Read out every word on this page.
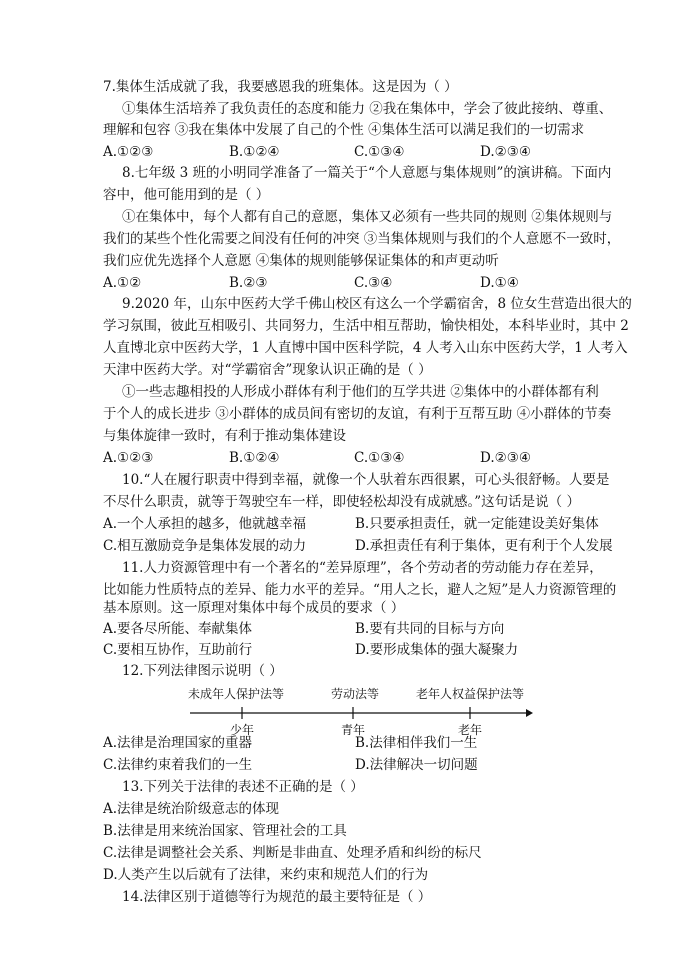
7.集体生活成就了我，我要感恩我的班集体。这是因为（ ）
①集体生活培养了我负责任的态度和能力 ②我在集体中，学会了彼此接纳、尊重、
理解和包容 ③我在集体中发展了自己的个性 ④集体生活可以满足我们的一切需求
A.①②③	B.①②④	C.①③④	D.②③④
8.七年级 3 班的小明同学准备了一篇关于“个人意愿与集体规则”的演讲稿。下面内
容中，他可能用到的是（ ）
①在集体中，每个人都有自己的意愿，集体又必须有一些共同的规则 ②集体规则与
我们的某些个性化需要之间没有任何的冲突 ③当集体规则与我们的个人意愿不一致时，
我们应优先选择个人意愿 ④集体的规则能够保证集体的和声更动听
A.①②	B.②③	C.③④	D.①④
9.2020 年，山东中医药大学千佛山校区有这么一个学霸宿舍，8 位女生营造出很大的
学习氛围，彼此互相吸引、共同努力，生活中相互帮助，愉快相处，本科毕业时，其中 2
人直博北京中医药大学，1 人直博中国中医科学院，4 人考入山东中医药大学，1 人考入
天津中医药大学。对“学霸宿舍”现象认识正确的是（ ）
①一些志趣相投的人形成小群体有利于他们的互学共进 ②集体中的小群体都有利
于个人的成长进步 ③小群体的成员间有密切的友谊，有利于互帮互助 ④小群体的节奏
与集体旋律一致时，有利于推动集体建设
A.①②③	B.①②④	C.①③④	D.②③④
10.“人在履行职责中得到幸福，就像一个人驮着东西很累，可心头很舒畅。人要是
不尽什么职责，就等于驾驶空车一样，即使轻松却没有成就感。”这句话是说（ ）
A.一个人承担的越多，他就越幸福	B.只要承担责任，就一定能建设美好集体
C.相互激励竞争是集体发展的动力	D.承担责任有利于集体，更有利于个人发展
11.人力资源管理中有一个著名的“差异原理”，各个劳动者的劳动能力存在差异，
比如能力性质特点的差异、能力水平的差异。“用人之长，避人之短”是人力资源管理的
基本原则。这一原理对集体中每个成员的要求（ ）
A.要各尽所能、奉献集体	B.要有共同的目标与方向
C.要相互协作，互助前行	D.要形成集体的强大凝聚力
12.下列法律图示说明（ ）
未成年人保护法等	劳动法等	老年人权益保护法等
少年	青年	老年
A.法律是治理国家的重器	B.法律相伴我们一生
C.法律约束着我们的一生	D.法律解决一切问题
13.下列关于法律的表述不正确的是（ ）
A.法律是统治阶级意志的体现
B.法律是用来统治国家、管理社会的工具
C.法律是调整社会关系、判断是非曲直、处理矛盾和纠纷的标尺
D.人类产生以后就有了法律，来约束和规范人们的行为
14.法律区别于道德等行为规范的最主要特征是（ ）
